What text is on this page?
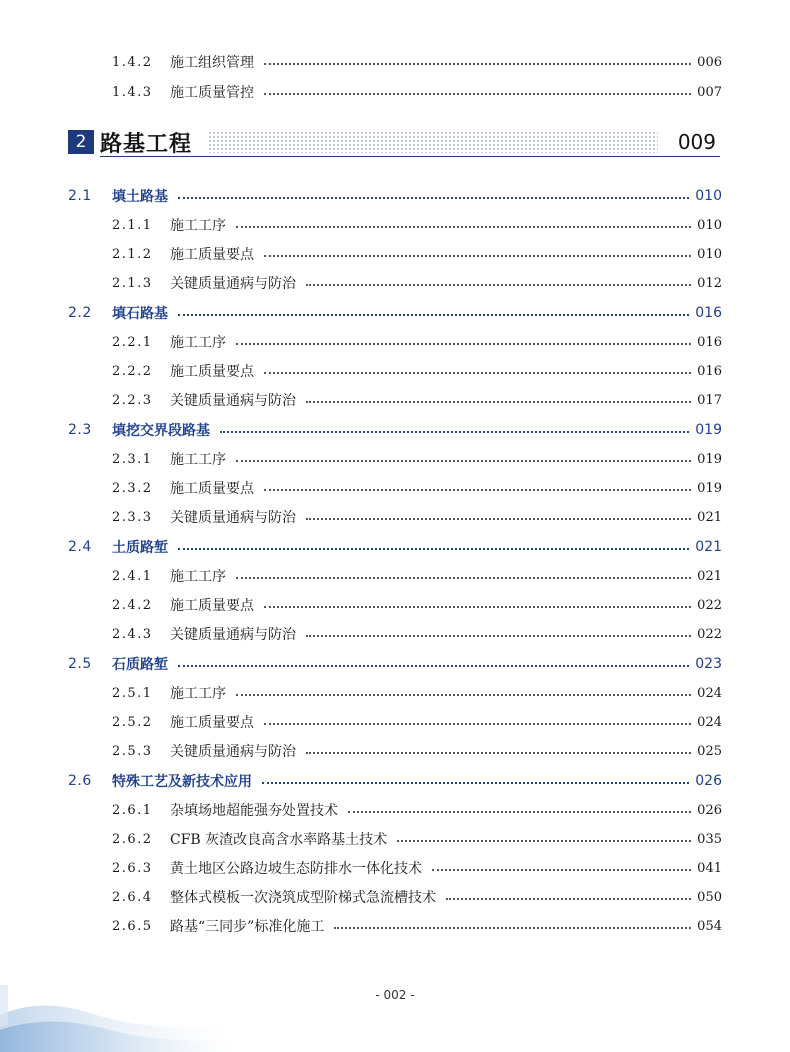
1.4.2	施工组织管理	006
1.4.3	施工质量管控	007
2 路基工程	009
2.1	填土路基	010
2.1.1	施工工序	010
2.1.2	施工质量要点	010
2.1.3	关键质量通病与防治	012
2.2	填石路基	016
2.2.1	施工工序	016
2.2.2	施工质量要点	016
2.2.3	关键质量通病与防治	017
2.3	填挖交界段路基	019
2.3.1	施工工序	019
2.3.2	施工质量要点	019
2.3.3	关键质量通病与防治	021
2.4	土质路堑	021
2.4.1	施工工序	021
2.4.2	施工质量要点	022
2.4.3	关键质量通病与防治	022
2.5	石质路堑	023
2.5.1	施工工序	024
2.5.2	施工质量要点	024
2.5.3	关键质量通病与防治	025
2.6	特殊工艺及新技术应用	026
2.6.1	杂填场地超能强夯处置技术	026
2.6.2	CFB 灰渣改良高含水率路基土技术	035
2.6.3	黄土地区公路边坡生态防排水一体化技术	041
2.6.4	整体式模板一次浇筑成型阶梯式急流槽技术	050
2.6.5	路基“三同步”标准化施工	054
- 002 -
